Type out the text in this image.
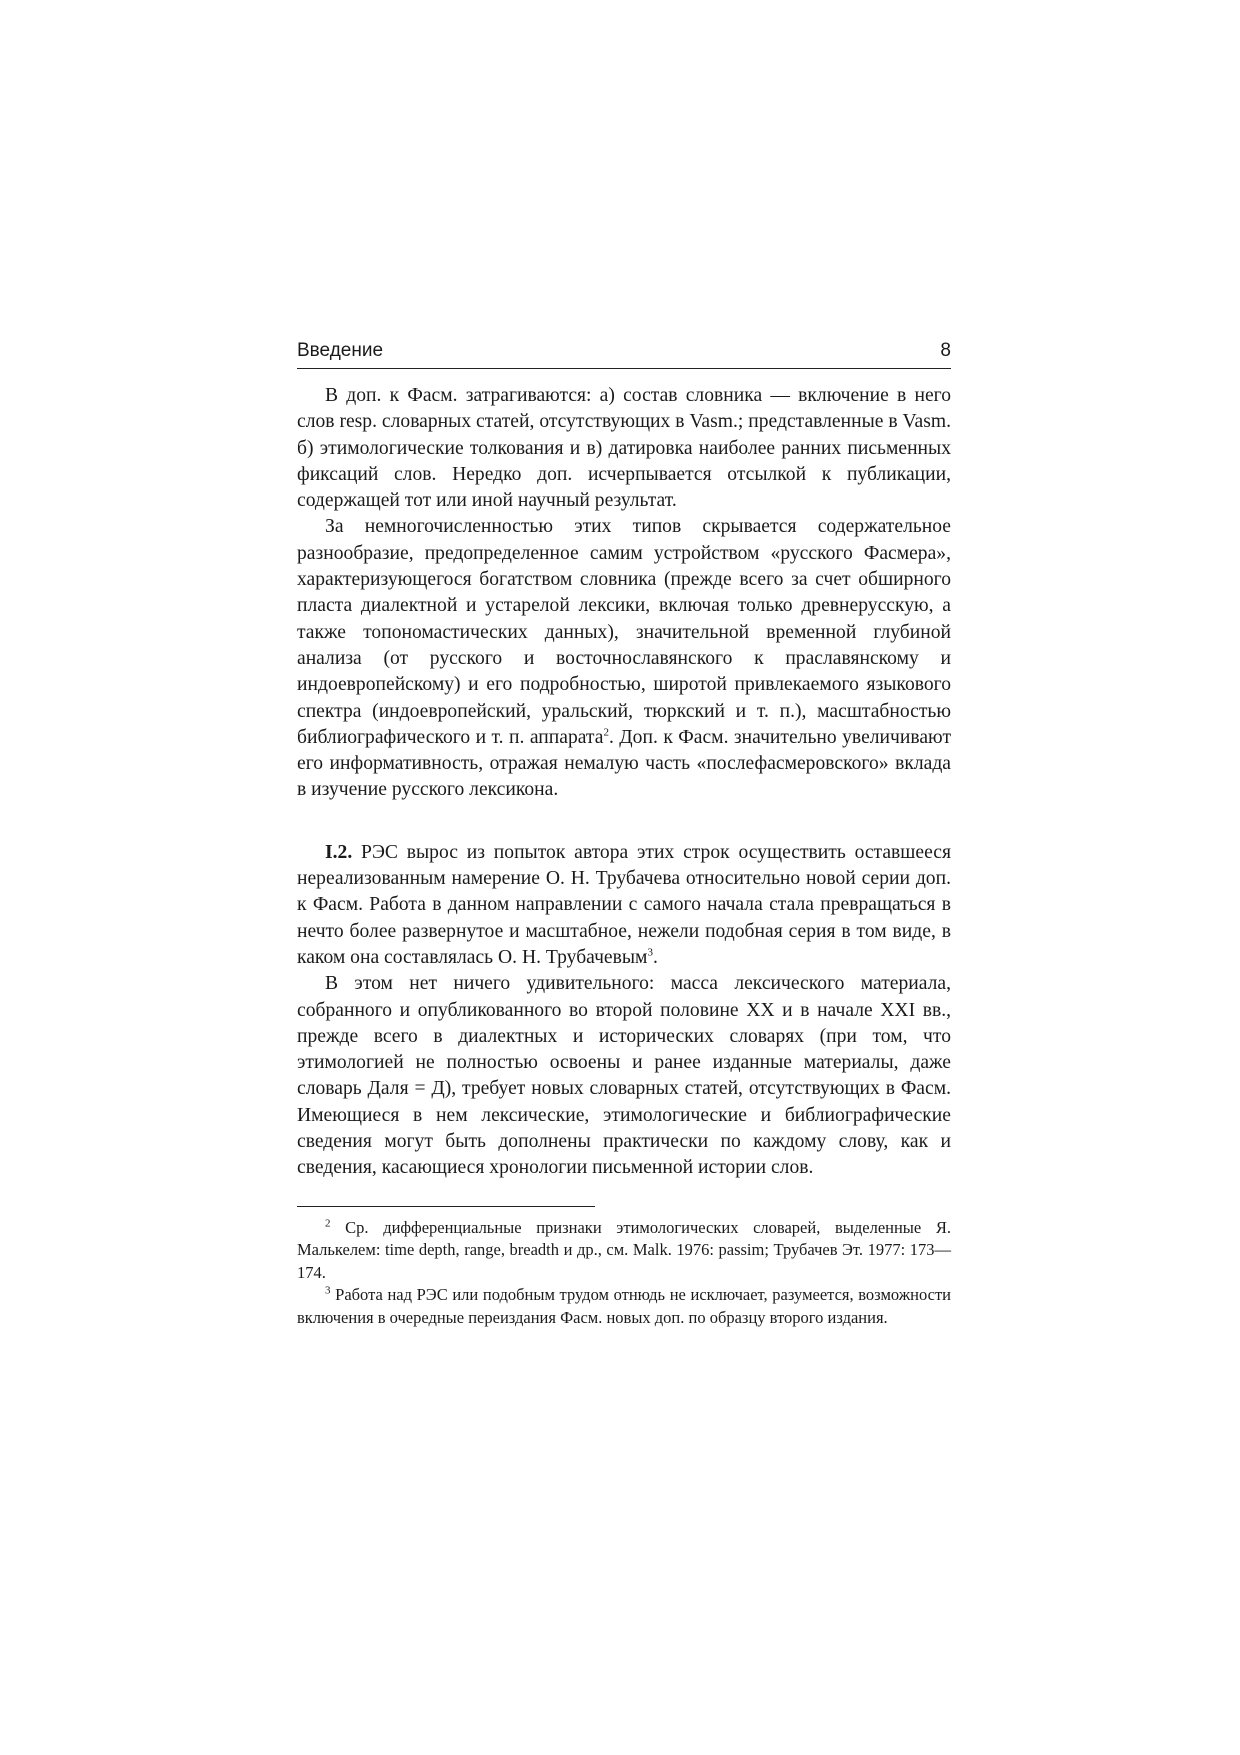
Введение	8

В доп. к Фасм. затрагиваются: а) состав словника — включение в него слов resp. словарных статей, отсутствующих в Vasm.; представленные в Vasm. б) этимологические толкования и в) датировка наиболее ранних письменных фиксаций слов. Нередко доп. исчерпывается отсылкой к публикации, содержащей тот или иной научный результат.

За немногочисленностью этих типов скрывается содержательное разнообразие, предопределенное самим устройством «русского Фасмера», характеризующегося богатством словника (прежде всего за счет обширного пласта диалектной и устарелой лексики, включая только древнерусскую, а также топономастических данных), значительной временной глубиной анализа (от русского и восточнославянского к праславянскому и индоевропейскому) и его подробностью, широтой привлекаемого языкового спектра (индоевропейский, уральский, тюркский и т. п.), масштабностью библиографического и т. п. аппарата$^2$. Доп. к Фасм. значительно увеличивают его информативность, отражая немалую часть «послефасмеровского» вклада в изучение русского лексикона.

I.2. РЭС вырос из попыток автора этих строк осуществить оставшееся нереализованным намерение О. Н. Трубачева относительно новой серии доп. к Фасм. Работа в данном направлении с самого начала стала превращаться в нечто более развернутое и масштабное, нежели подобная серия в том виде, в каком она составлялась О. Н. Трубачевым$^3$.

В этом нет ничего удивительного: масса лексического материала, собранного и опубликованного во второй половине XX и в начале XXI вв., прежде всего в диалектных и исторических словарях (при том, что этимологией не полностью освоены и ранее изданные материалы, даже словарь Даля = Д), требует новых словарных статей, отсутствующих в Фасм. Имеющиеся в нем лексические, этимологические и библиографические сведения могут быть дополнены практически по каждому слову, как и сведения, касающиеся хронологии письменной истории слов.

$^2$ Ср. дифференциальные признаки этимологических словарей, выделенные Я. Малькелем: time depth, range, breadth и др., см. Malk. 1976: passim; Трубачев Эт. 1977: 173—174.

$^3$ Работа над РЭС или подобным трудом отнюдь не исключает, разумеется, возможности включения в очередные переиздания Фасм. новых доп. по образцу второго издания.
